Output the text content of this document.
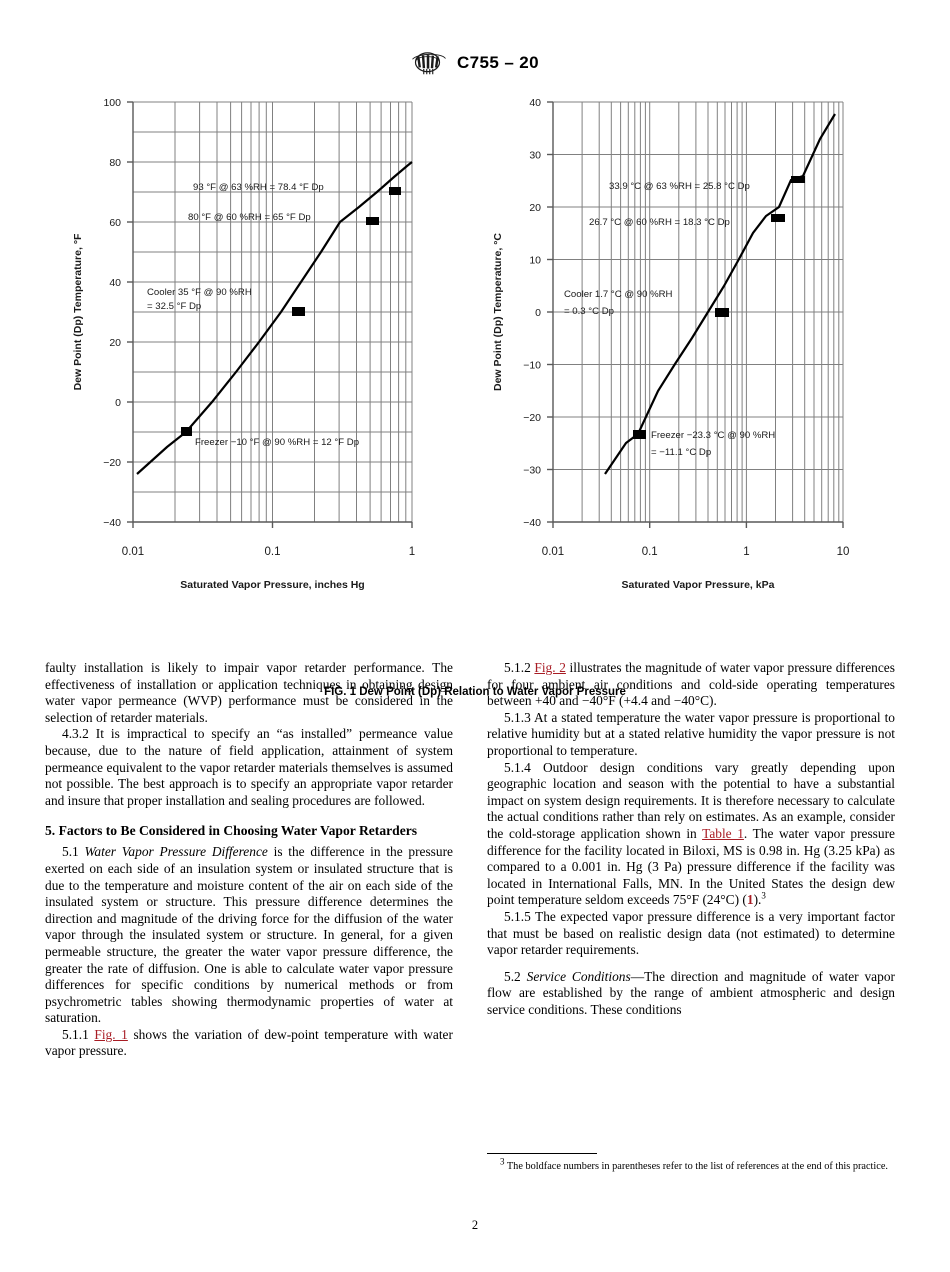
C755 – 20
100
80
60
40
20
0
−20
−40
0.01	0.1	1
Dew Point (Dp) Temperature, °F
Saturated Vapor Pressure, inches Hg
93 °F @ 63 %RH = 78.4 °F Dp
80 °F @ 60 %RH = 65 °F Dp
Cooler 35 °F @ 90 %RH
= 32.5 °F Dp
Freezer −10 °F @ 90 %RH = 12 °F Dp
40
30
20
10
0
−10
−20
−30
−40
0.01	0.1	1	10
Dew Point (Dp) Temperature, °C
Saturated Vapor Pressure, kPa
33.9 °C @ 63 %RH = 25.8 °C Dp
26.7 °C @ 60 %RH = 18.3 °C Dp
Cooler 1.7 °C @ 90 %RH
= 0.3 °C Dp
Freezer −23.3 °C @ 90 %RH
= −11.1 °C Dp
FIG. 1 Dew Point (Dp) Relation to Water Vapor Pressure

faulty installation is likely to impair vapor retarder performance. The effectiveness of installation or application techniques in obtaining design water vapor permeance (WVP) performance must be considered in the selection of retarder materials.

4.3.2 It is impractical to specify an “as installed” permeance value because, due to the nature of field application, attainment of system permeance equivalent to the vapor retarder materials themselves is assumed not possible. The best approach is to specify an appropriate vapor retarder and insure that proper installation and sealing procedures are followed.

5. Factors to Be Considered in Choosing Water Vapor Retarders

5.1 Water Vapor Pressure Difference is the difference in the pressure exerted on each side of an insulation system or insulated structure that is due to the temperature and moisture content of the air on each side of the insulated system or structure. This pressure difference determines the direction and magnitude of the driving force for the diffusion of the water vapor through the insulated system or structure. In general, for a given permeable structure, the greater the water vapor pressure difference, the greater the rate of diffusion. One is able to calculate water vapor pressure differences for specific conditions by numerical methods or from psychrometric tables showing thermodynamic properties of water at saturation.

5.1.1 Fig. 1 shows the variation of dew-point temperature with water vapor pressure.

5.1.2 Fig. 2 illustrates the magnitude of water vapor pressure differences for four ambient air conditions and cold-side operating temperatures between +40 and −40°F (+4.4 and −40°C).

5.1.3 At a stated temperature the water vapor pressure is proportional to relative humidity but at a stated relative humidity the vapor pressure is not proportional to temperature.

5.1.4 Outdoor design conditions vary greatly depending upon geographic location and season with the potential to have a substantial impact on system design requirements. It is therefore necessary to calculate the actual conditions rather than rely on estimates. As an example, consider the cold-storage application shown in Table 1. The water vapor pressure difference for the facility located in Biloxi, MS is 0.98 in. Hg (3.25 kPa) as compared to a 0.001 in. Hg (3 Pa) pressure difference if the facility was located in International Falls, MN. In the United States the design dew point temperature seldom exceeds 75°F (24°C) (1).$^3$

5.1.5 The expected vapor pressure difference is a very important factor that must be based on realistic design data (not estimated) to determine vapor retarder requirements.

5.2 Service Conditions—The direction and magnitude of water vapor flow are established by the range of ambient atmospheric and design service conditions. These conditions

$^3$ The boldface numbers in parentheses refer to the list of references at the end of this practice.
2
